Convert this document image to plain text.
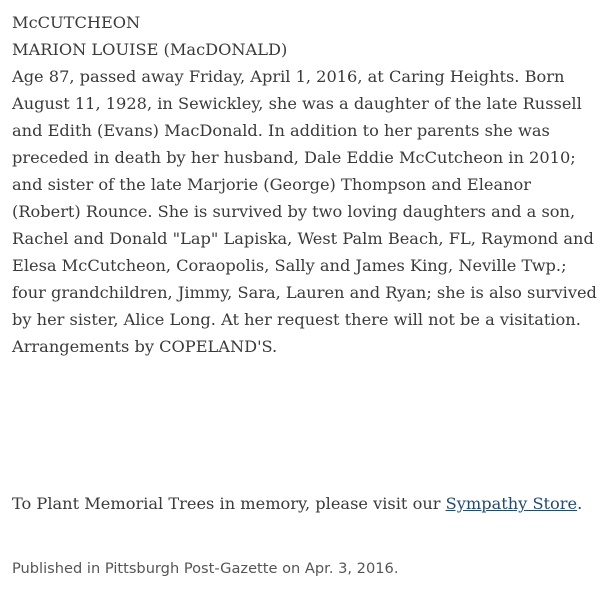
McCUTCHEON

MARION LOUISE (MacDONALD)

Age 87, passed away Friday, April 1, 2016, at Caring Heights. Born August 11, 1928, in Sewickley, she was a daughter of the late Russell and Edith (Evans) MacDonald. In addition to her parents she was preceded in death by her husband, Dale Eddie McCutcheon in 2010; and sister of the late Marjorie (George) Thompson and Eleanor (Robert) Rounce. She is survived by two loving daughters and a son, Rachel and Donald "Lap" Lapiska, West Palm Beach, FL, Raymond and Elesa McCutcheon, Coraopolis, Sally and James King, Neville Twp.; four grandchildren, Jimmy, Sara, Lauren and Ryan; she is also survived by her sister, Alice Long. At her request there will not be a visitation. Arrangements by COPELAND'S.

To Plant Memorial Trees in memory, please visit our Sympathy Store.
Published in Pittsburgh Post-Gazette on Apr. 3, 2016.
